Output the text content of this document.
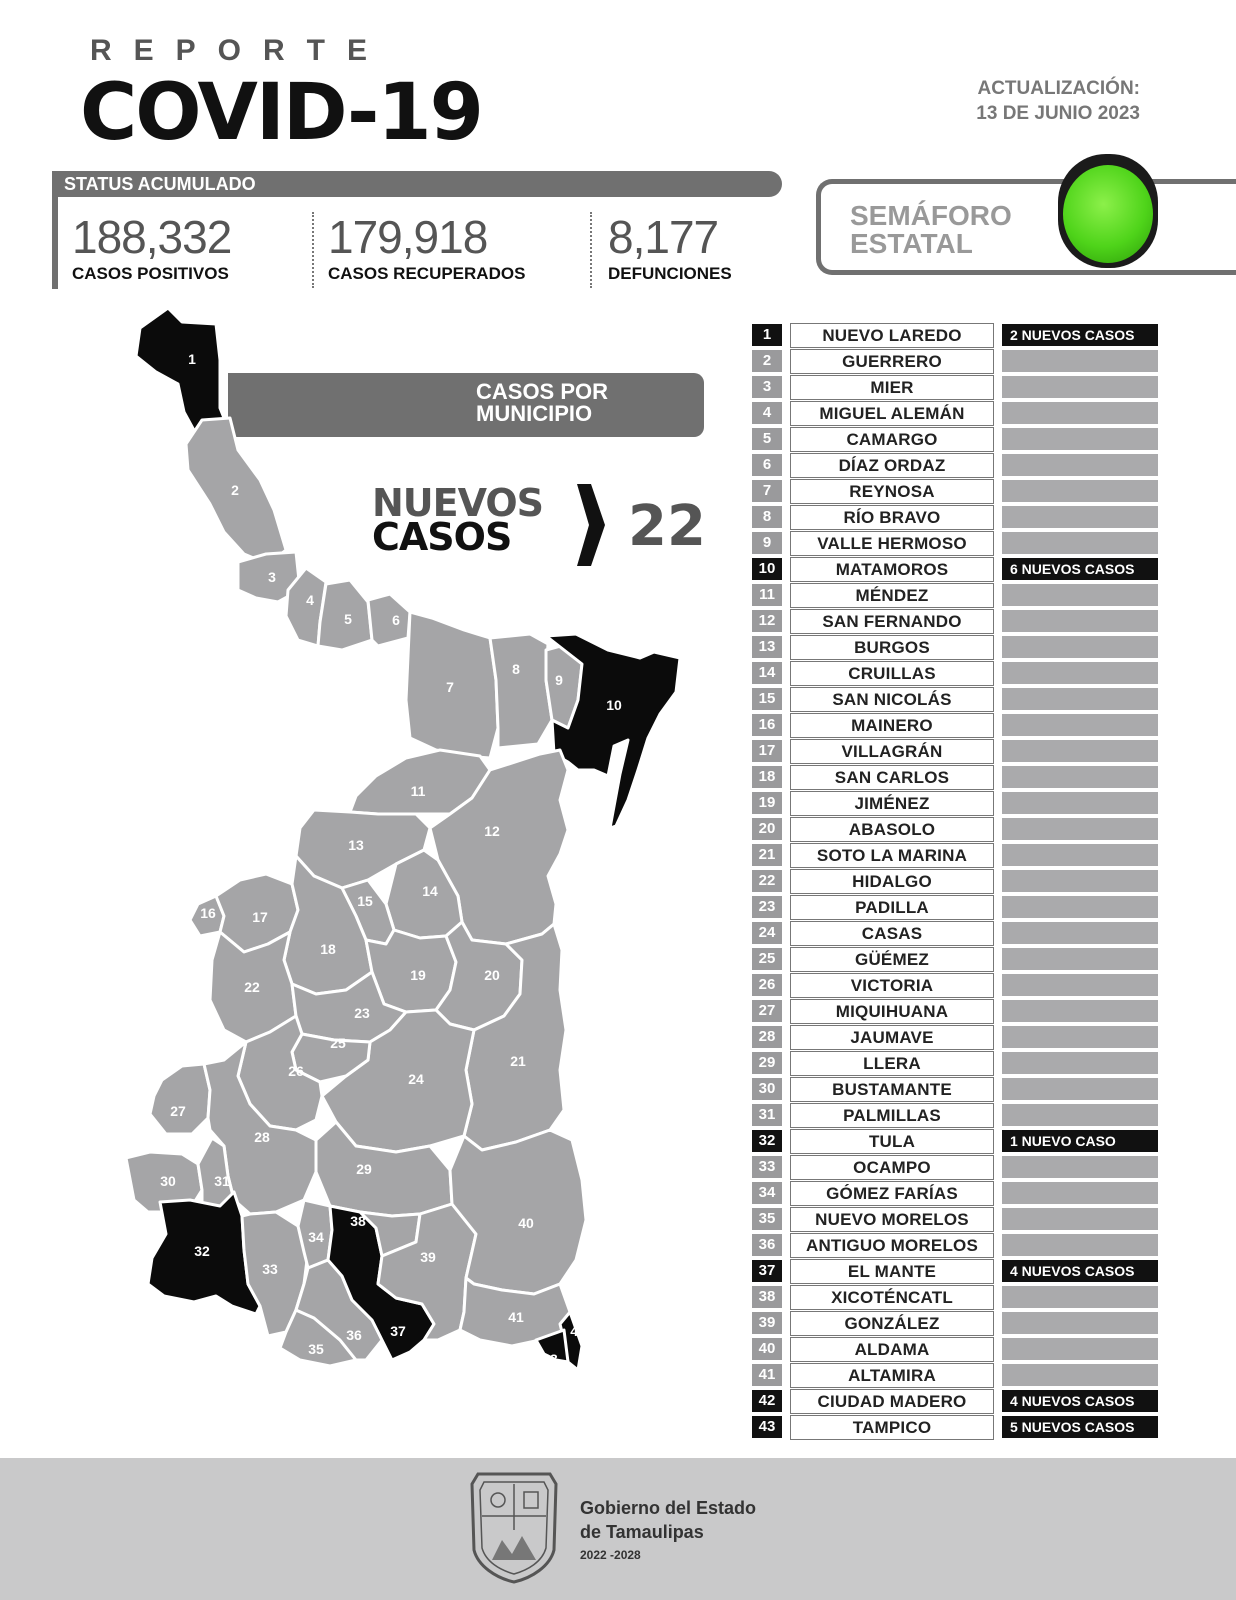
REPORTE
COVID-19	ACTUALIZACIÓN:
13 DE JUNIO 2023
STATUS ACUMULADO
188,332
CASOS POSITIVOS
179,918
CASOS RECUPERADOS
8,177
DEFUNCIONES
SEMÁFORO
ESTATAL
CASOS POR
MUNICIPIO
1
2
3
4
5	6
7
8
9
10
11
12
13
14
15
16	17
18
19	20
21
22
23
24
25
26
27
28
29
30	31
32
33
34
35
36 37
38
39
40
41
42
43
NUEVOS
CASOS	22
1	NUEVO LAREDO	2 NUEVOS CASOS
2	GUERRERO
3	MIER
4	MIGUEL ALEMÁN
5	CAMARGO
6	DÍAZ ORDAZ
7	REYNOSA
8	RÍO BRAVO
9	VALLE HERMOSO
10	MATAMOROS	6 NUEVOS CASOS
11	MÉNDEZ
12	SAN FERNANDO
13	BURGOS
14	CRUILLAS
15	SAN NICOLÁS
16	MAINERO
17	VILLAGRÁN
18	SAN CARLOS
19	JIMÉNEZ
20	ABASOLO
21	SOTO LA MARINA
22	HIDALGO
23	PADILLA
24	CASAS
25	GÜÉMEZ
26	VICTORIA
27	MIQUIHUANA
28	JAUMAVE
29	LLERA
30	BUSTAMANTE
31	PALMILLAS
32	TULA	1 NUEVO CASO
33	OCAMPO
34	GÓMEZ FARÍAS
35	NUEVO MORELOS
36	ANTIGUO MORELOS
37	EL MANTE	4 NUEVOS CASOS
38	XICOTÉNCATL
39	GONZÁLEZ
40	ALDAMA
41	ALTAMIRA
42	CIUDAD MADERO	4 NUEVOS CASOS
43	TAMPICO	5 NUEVOS CASOS
Gobierno del Estado
de Tamaulipas
2022 -2028
